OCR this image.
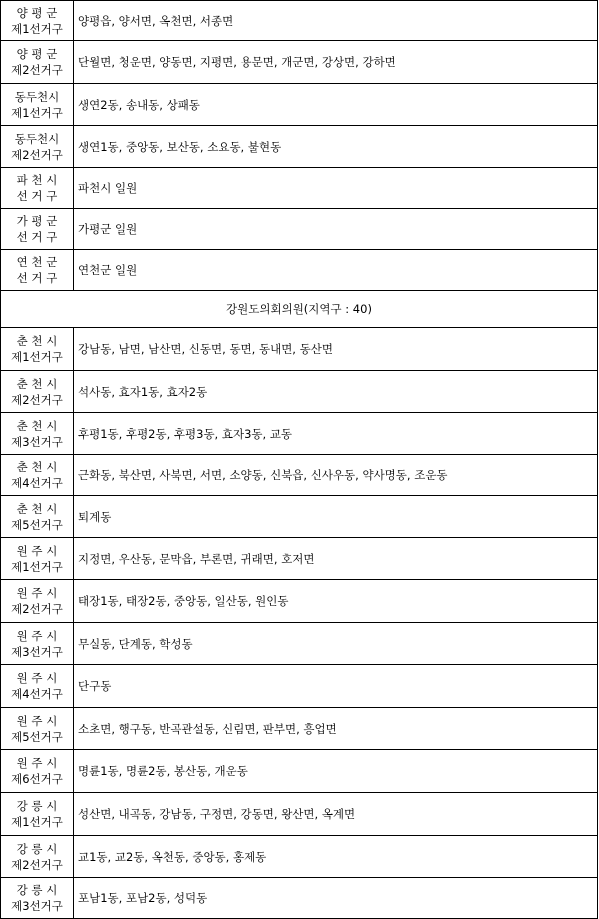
양 평 군
제1선거구	양평읍, 양서면, 옥천면, 서종면

양 평 군
제2선거구	단월면, 청운면, 양동면, 지평면, 용문면, 개군면, 강상면, 강하면

동두천시
제1선거구	생연2동, 송내동, 상패동

동두천시
제2선거구	생연1동, 중앙동, 보산동, 소요동, 불현동

파 천 시
선 거 구	파천시 일원

가 평 군
선 거 구	가평군 일원

연 천 군
선 거 구	연천군 일원
강원도의회의원(지역구 : 40)	

춘 천 시
제1선거구	강남동, 남면, 남산면, 신동면, 동면, 동내면, 동산면

춘 천 시
제2선거구	석사동, 효자1동, 효자2동

춘 천 시
제3선거구	후평1동, 후평2동, 후평3동, 효자3동, 교동

춘 천 시
제4선거구	근화동, 북산면, 사북면, 서면, 소양동, 신북읍, 신사우동, 약사명동, 조운동

춘 천 시
제5선거구	퇴계동

원 주 시
제1선거구	지정면, 우산동, 문막읍, 부론면, 귀래면, 호저면

원 주 시
제2선거구	태장1동, 태장2동, 중앙동, 일산동, 원인동

원 주 시
제3선거구	무실동, 단계동, 학성동

원 주 시
제4선거구	단구동

원 주 시
제5선거구	소초면, 행구동, 반곡관설동, 신림면, 판부면, 흥업면

원 주 시
제6선거구	명륜1동, 명륜2동, 봉산동, 개운동

강 릉 시
제1선거구	성산면, 내곡동, 강남동, 구정면, 강동면, 왕산면, 옥계면

강 릉 시
제2선거구	교1동, 교2동, 옥천동, 중앙동, 홍제동

강 릉 시
제3선거구	포남1동, 포남2동, 성덕동
